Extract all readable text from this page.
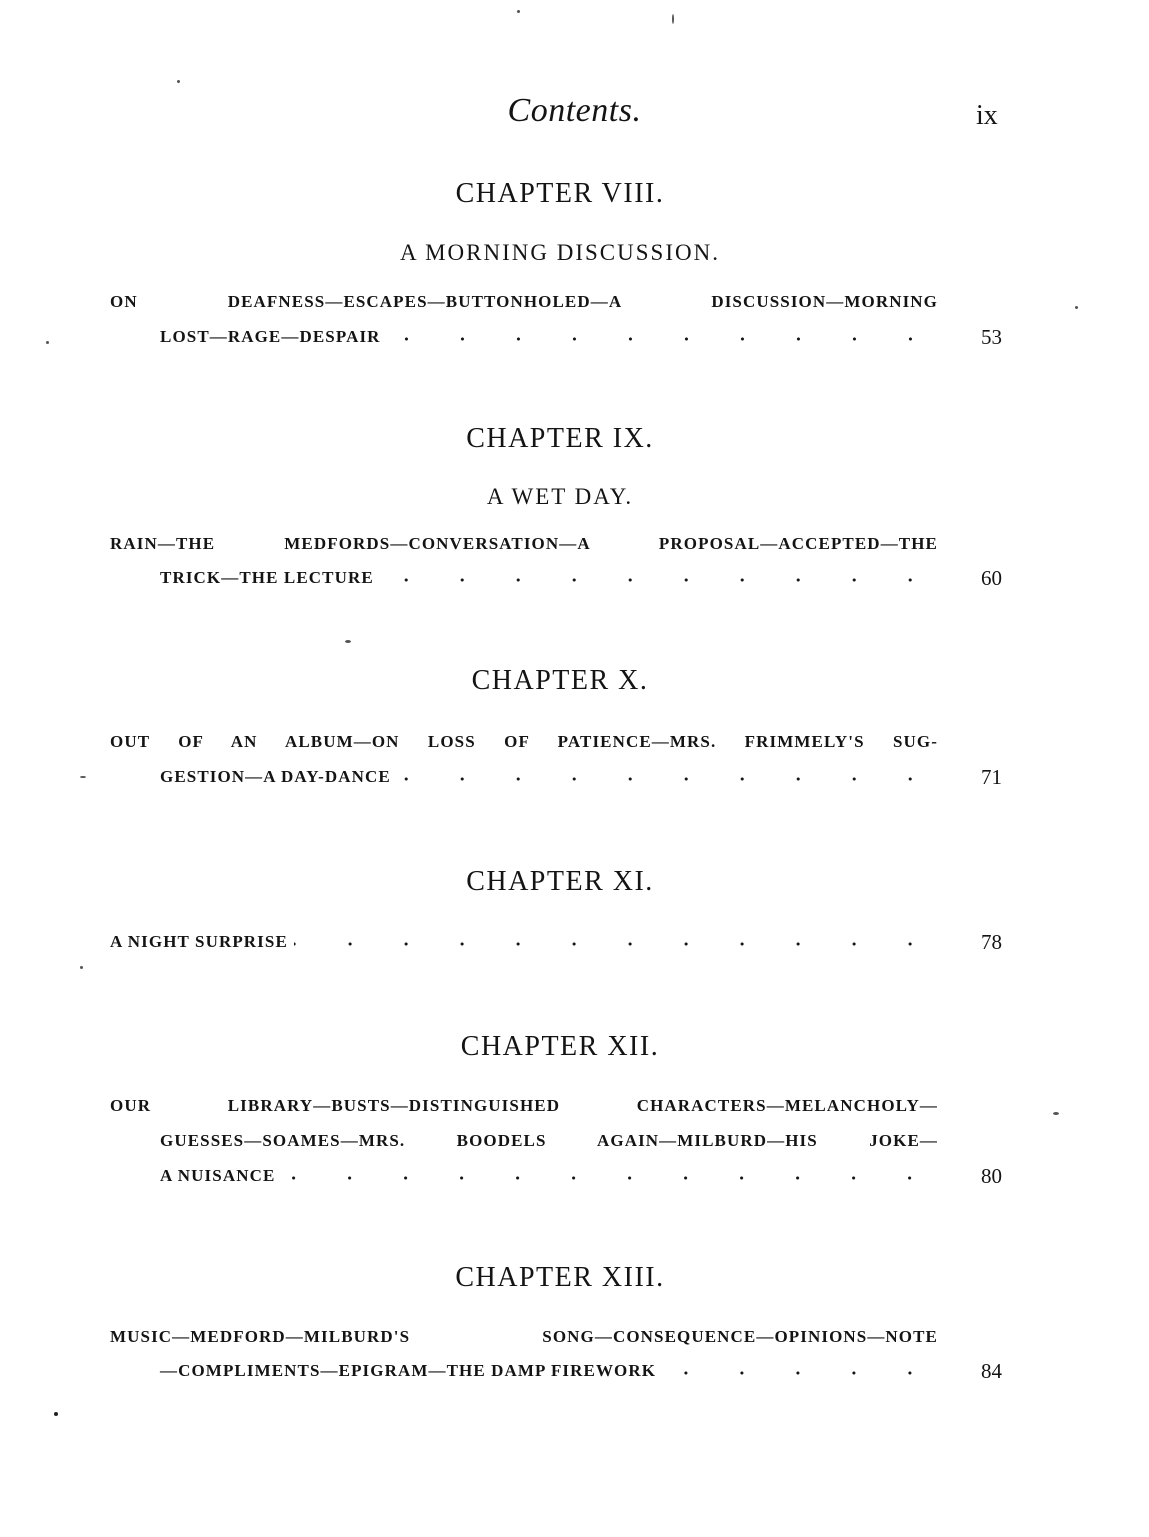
Contents.	ix
CHAPTER VIII.
A MORNING DISCUSSION.
ON DEAFNESS—ESCAPES—BUTTONHOLED—A DISCUSSION—MORNING
LOST—RAGE—DESPAIR	53
CHAPTER IX.
A WET DAY.
RAIN—THE MEDFORDS—CONVERSATION—A PROPOSAL—ACCEPTED—THE
TRICK—THE LECTURE	60
CHAPTER X.
OUT OF AN ALBUM—ON LOSS OF PATIENCE—MRS. FRIMMELY'S SUG-
GESTION—A DAY-DANCE	71
CHAPTER XI.
A NIGHT SURPRISE	78
CHAPTER XII.
OUR LIBRARY—BUSTS—DISTINGUISHED CHARACTERS—MELANCHOLY—
GUESSES—SOAMES—MRS. BOODELS AGAIN—MILBURD—HIS JOKE—
A NUISANCE	80
CHAPTER XIII.
MUSIC—MEDFORD—MILBURD'S SONG—CONSEQUENCE—OPINIONS—NOTE
—COMPLIMENTS—EPIGRAM—THE DAMP FIREWORK	84
